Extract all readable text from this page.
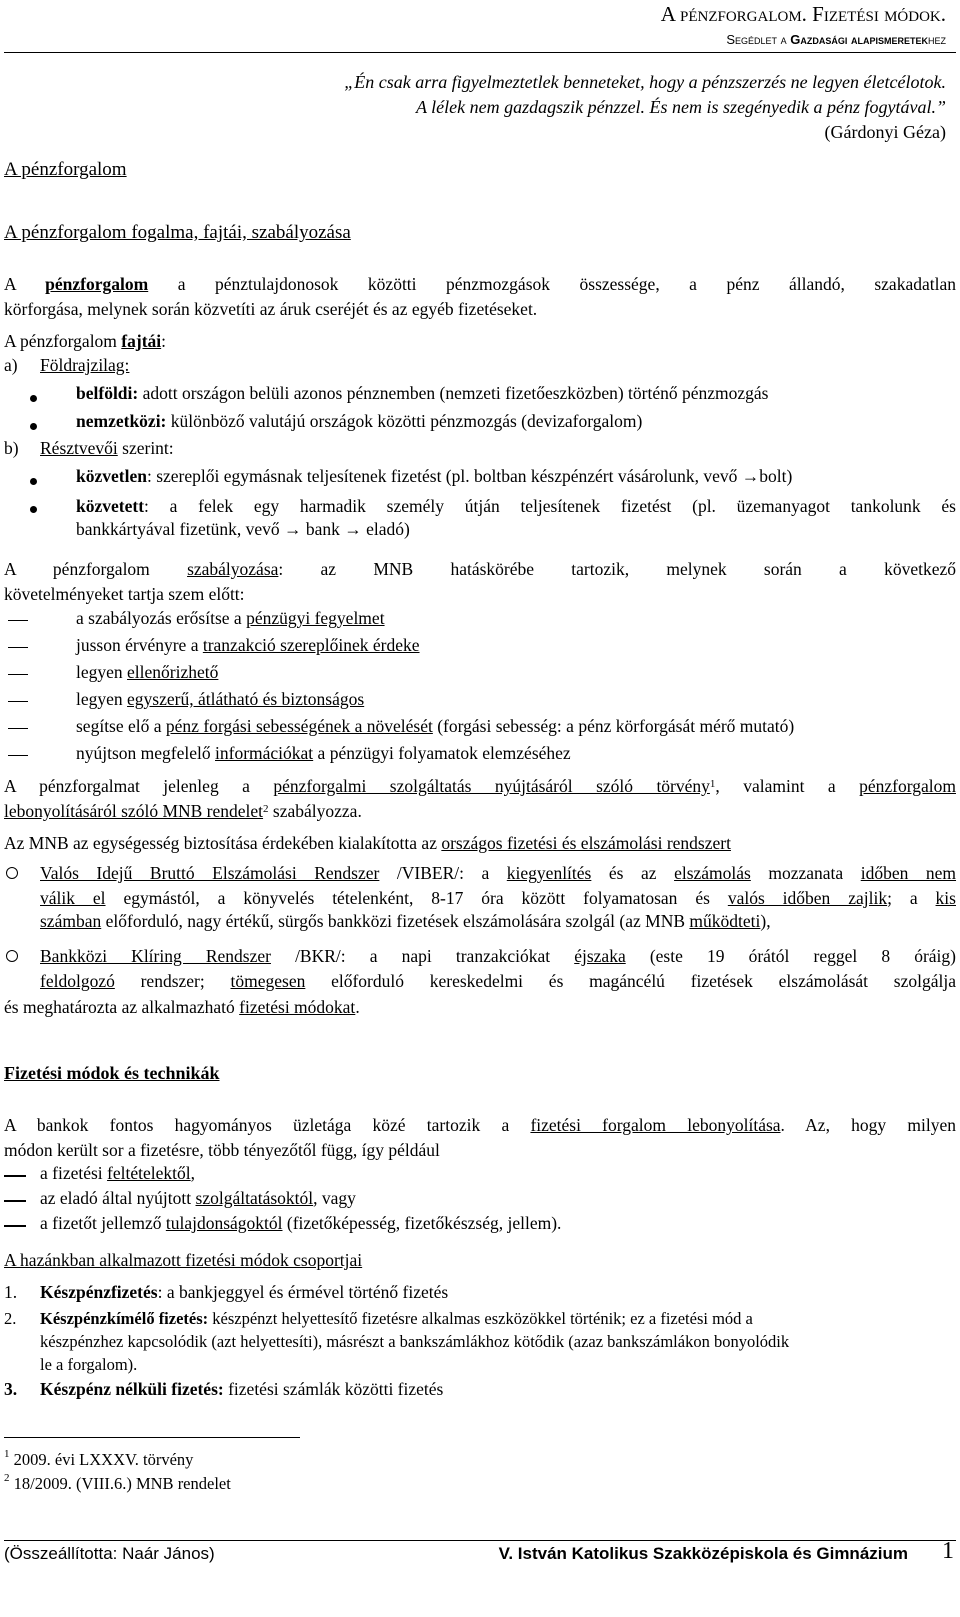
A pénzforgalom. Fizetési módok.
Segédlet a Gazdasági alapismeretekhez
„Én csak arra figyelmeztetlek benneteket, hogy a pénzszerzés ne legyen életcélotok.
A lélek nem gazdagszik pénzzel. És nem is szegényedik a pénz fogytával.”
(Gárdonyi Géza)
A pénzforgalom
A pénzforgalom fogalma, fajtái, szabályozása
A pénzforgalom a pénztulajdonosok közötti pénzmozgások összessége, a pénz állandó, szakadatlan
körforgása, melynek során közvetíti az áruk cseréjét és az egyéb fizetéseket.
A pénzforgalom fajtái:
a) Földrajzilag:
belföldi: adott országon belüli azonos pénznemben (nemzeti fizetőeszközben) történő pénzmozgás
nemzetközi: különböző valutájú országok közötti pénzmozgás (devizaforgalom)
b) Résztvevői szerint:
közvetlen: szereplői egymásnak teljesítenek fizetést (pl. boltban készpénzért vásárolunk, vevő →bolt)
közvetett: a felek egy harmadik személy útján teljesítenek fizetést (pl. üzemanyagot tankolunk és
bankkártyával fizetünk, vevő → bank → eladó)
A pénzforgalom szabályozása: az MNB hatáskörébe tartozik, melynek során a következő
követelményeket tartja szem előtt:
a szabályozás erősítse a pénzügyi fegyelmet
jusson érvényre a tranzakció szereplőinek érdeke
legyen ellenőrizhető
legyen egyszerű, átlátható és biztonságos
segítse elő a pénz forgási sebességének a növelését (forgási sebesség: a pénz körforgását mérő mutató)
nyújtson megfelelő információkat a pénzügyi folyamatok elemzéséhez
A pénzforgalmat jelenleg a pénzforgalmi szolgáltatás nyújtásáról szóló törvény$^1$, valamint a pénzforgalom
lebonyolításáról szóló MNB rendelet$^2$ szabályozza.
Az MNB az egységesség biztosítása érdekében kialakította az országos fizetési és elszámolási rendszert
Valós Idejű Bruttó Elszámolási Rendszer /VIBER/: a kiegyenlítés és az elszámolás mozzanata időben nem
válik el egymástól, a könyvelés tételenként, 8-17 óra között folyamatosan és valós időben zajlik; a kis
számban előforduló, nagy értékű, sürgős bankközi fizetések elszámolására szolgál (az MNB működteti),
Bankközi Klíring Rendszer /BKR/: a napi tranzakciókat éjszaka (este 19 órától reggel 8 óráig)
feldolgozó rendszer; tömegesen előforduló kereskedelmi és magáncélú fizetések elszámolását szolgálja
és meghatározta az alkalmazható fizetési módokat.
Fizetési módok és technikák
A bankok fontos hagyományos üzletága közé tartozik a fizetési forgalom lebonyolítása. Az, hogy milyen
módon került sor a fizetésre, több tényezőtől függ, így például
a fizetési feltételektől,
az eladó által nyújtott szolgáltatásoktól, vagy
a fizetőt jellemző tulajdonságoktól (fizetőképesség, fizetőkészség, jellem).
A hazánkban alkalmazott fizetési módok csoportjai
1. Készpénzfizetés: a bankjeggyel és érmével történő fizetés
2. Készpénzkímélő fizetés: készpénzt helyettesítő fizetésre alkalmas eszközökkel történik; ez a fizetési mód a
készpénzhez kapcsolódik (azt helyettesíti), másrészt a bankszámlákhoz kötődik (azaz bankszámlákon bonyolódik
le a forgalom).
3. Készpénz nélküli fizetés: fizetési számlák közötti fizetés
$^1$ 2009. évi LXXXV. törvény
$^2$ 18/2009. (VIII.6.) MNB rendelet
(Összeállította: Naár János)	V. István Katolikus Szakközépiskola és Gimnázium 1
